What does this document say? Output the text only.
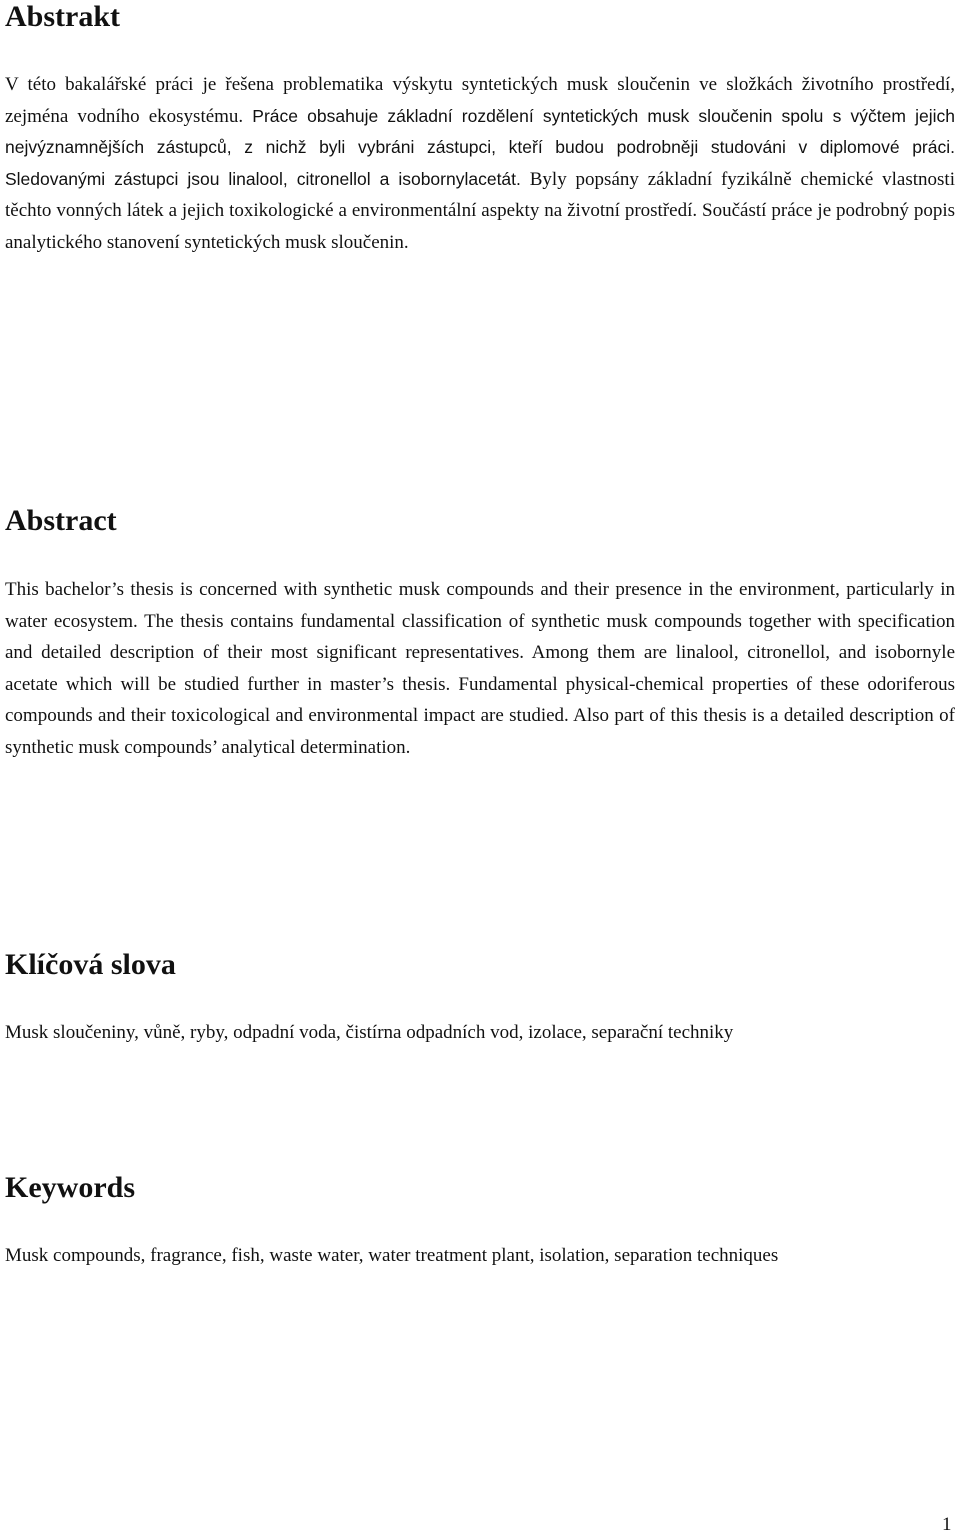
Abstrakt

V této bakalářské práci je řešena problematika výskytu syntetických musk sloučenin ve složkách životního prostředí, zejména vodního ekosystému. Práce obsahuje základní rozdělení syntetických musk sloučenin spolu s výčtem jejich nejvýznamnějších zástupců, z nichž byli vybráni zástupci, kteří budou podrobněji studováni v diplomové práci. Sledovanými zástupci jsou linalool, citronellol a isobornylacetát. Byly popsány základní fyzikálně chemické vlastnosti těchto vonných látek a jejich toxikologické a environmentální aspekty na životní prostředí. Součástí práce je podrobný popis analytického stanovení syntetických musk sloučenin.

Abstract

This bachelor’s thesis is concerned with synthetic musk compounds and their presence in the environment, particularly in water ecosystem. The thesis contains fundamental classification of synthetic musk compounds together with specification and detailed description of their most significant representatives. Among them are linalool, citronellol, and isobornyle acetate which will be studied further in master’s thesis. Fundamental physical-chemical properties of these odoriferous compounds and their toxicological and environmental impact are studied. Also part of this thesis is a detailed description of synthetic musk compounds’ analytical determination.

Klíčová slova

Musk sloučeniny, vůně, ryby, odpadní voda, čistírna odpadních vod, izolace, separační techniky

Keywords

Musk compounds, fragrance, fish, waste water, water treatment plant, isolation, separation techniques

1
